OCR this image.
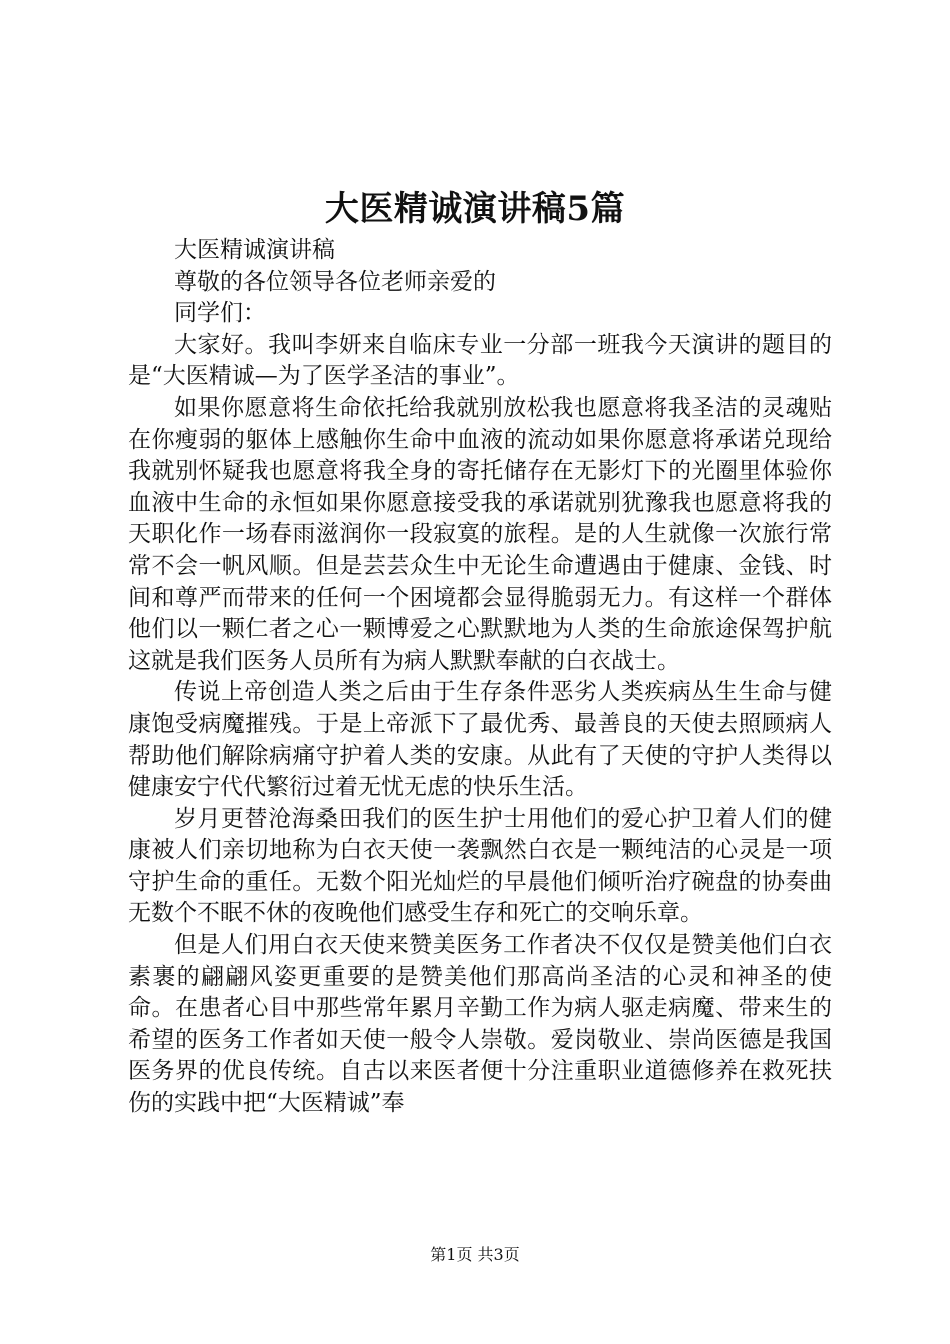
大医精诚演讲稿5篇

大医精诚演讲稿

尊敬的各位领导各位老师亲爱的

同学们：

大家好。我叫李妍来自临床专业一分部一班我今天演讲的题目的是“大医精诚—为了医学圣洁的事业”。

如果你愿意将生命依托给我就别放松我也愿意将我圣洁的灵魂贴在你瘦弱的躯体上感触你生命中血液的流动如果你愿意将承诺兑现给我就别怀疑我也愿意将我全身的寄托储存在无影灯下的光圈里体验你血液中生命的永恒如果你愿意接受我的承诺就别犹豫我也愿意将我的天职化作一场春雨滋润你一段寂寞的旅程。是的人生就像一次旅行常常不会一帆风顺。但是芸芸众生中无论生命遭遇由于健康、金钱、时间和尊严而带来的任何一个困境都会显得脆弱无力。有这样一个群体他们以一颗仁者之心一颗博爱之心默默地为人类的生命旅途保驾护航这就是我们医务人员所有为病人默默奉献的白衣战士。

传说上帝创造人类之后由于生存条件恶劣人类疾病丛生生命与健康饱受病魔摧残。于是上帝派下了最优秀、最善良的天使去照顾病人帮助他们解除病痛守护着人类的安康。从此有了天使的守护人类得以健康安宁代代繁衍过着无忧无虑的快乐生活。

岁月更替沧海桑田我们的医生护士用他们的爱心护卫着人们的健康被人们亲切地称为白衣天使一袭飘然白衣是一颗纯洁的心灵是一项守护生命的重任。无数个阳光灿烂的早晨他们倾听治疗碗盘的协奏曲无数个不眠不休的夜晚他们感受生存和死亡的交响乐章。

但是人们用白衣天使来赞美医务工作者决不仅仅是赞美他们白衣素裹的翩翩风姿更重要的是赞美他们那高尚圣洁的心灵和神圣的使命。在患者心目中那些常年累月辛勤工作为病人驱走病魔、带来生的希望的医务工作者如天使一般令人崇敬。爱岗敬业、崇尚医德是我国医务界的优良传统。自古以来医者便十分注重职业道德修养在救死扶伤的实践中把“大医精诚”奉

第1页 共3页
